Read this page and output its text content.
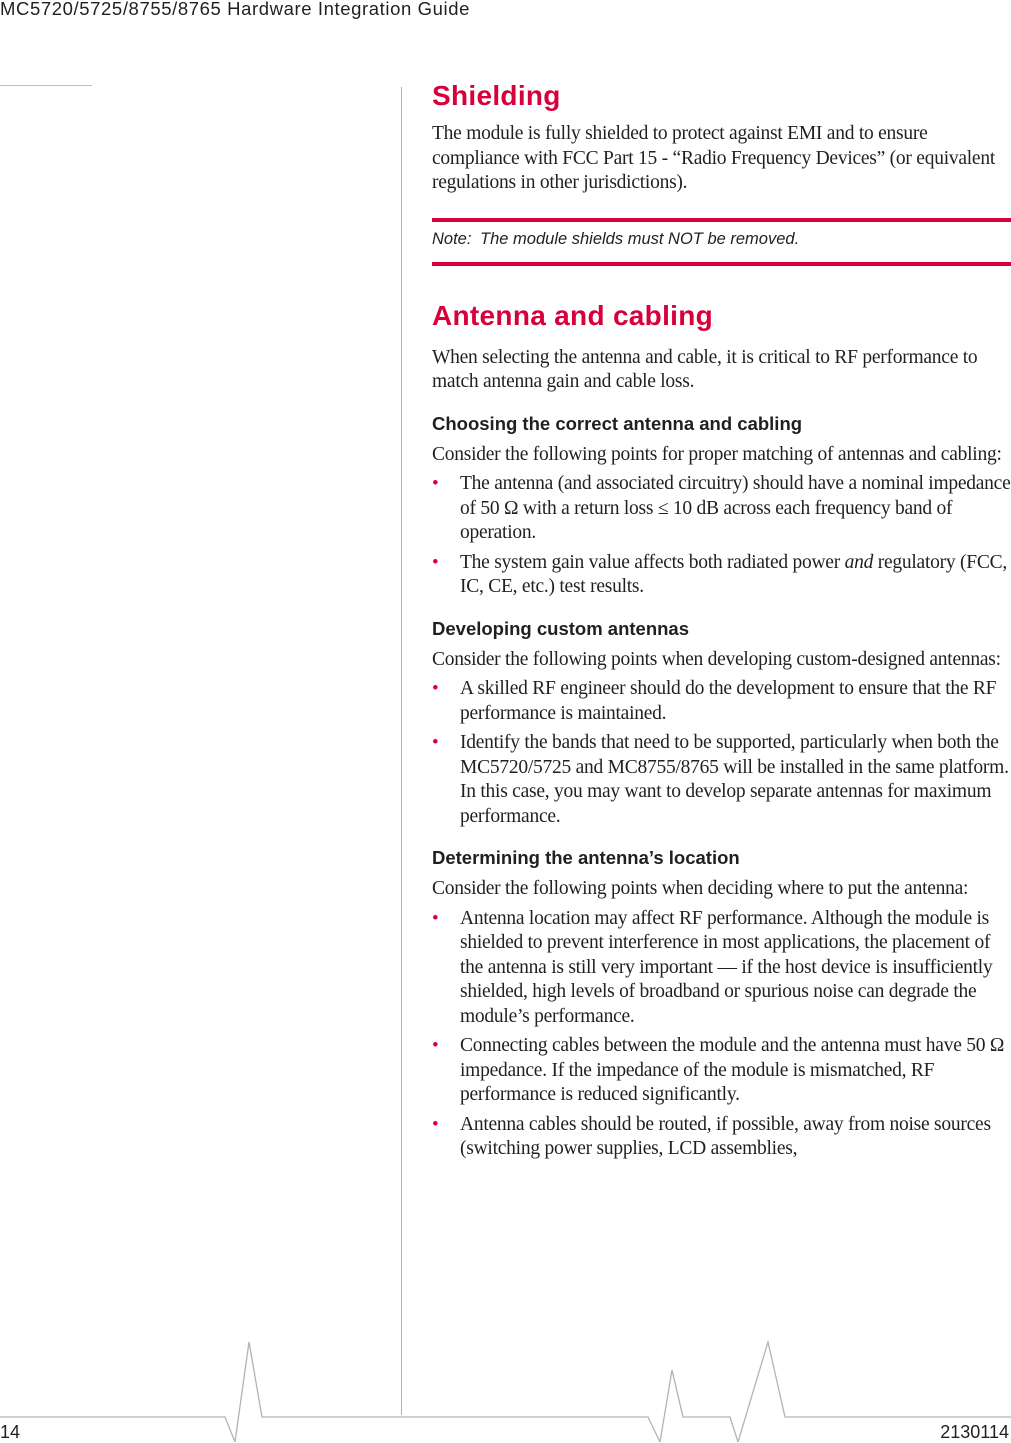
MC5720/5725/8755/8765 Hardware Integration Guide
Shielding

The module is fully shielded to protect against EMI and to ensure compliance with FCC Part 15 - “Radio Frequency Devices” (or equivalent regulations in other jurisdictions).

Note: The module shields must NOT be removed.
Antenna and cabling

When selecting the antenna and cable, it is critical to RF performance to match antenna gain and cable loss.

Choosing the correct antenna and cabling

Consider the following points for proper matching of antennas and cabling:

• The antenna (and associated circuitry) should have a nominal impedance of 50 Ω with a return loss ≤ 10 dB across each frequency band of operation.
• The system gain value affects both radiated power and regulatory (FCC, IC, CE, etc.) test results.
Developing custom antennas

Consider the following points when developing custom-designed antennas:

• A skilled RF engineer should do the development to ensure that the RF performance is maintained.
• Identify the bands that need to be supported, particularly when both the MC5720/5725 and MC8755/8765 will be installed in the same platform. In this case, you may want to develop separate antennas for maximum performance.
Determining the antenna’s location

Consider the following points when deciding where to put the antenna:

• Antenna location may affect RF performance. Although the module is shielded to prevent interference in most applications, the placement of the antenna is still very important — if the host device is insufficiently shielded, high levels of broadband or spurious noise can degrade the module’s performance.
• Connecting cables between the module and the antenna must have 50 Ω impedance. If the impedance of the module is mismatched, RF performance is reduced significantly.
• Antenna cables should be routed, if possible, away from noise sources (switching power supplies, LCD assemblies,
14	2130114
